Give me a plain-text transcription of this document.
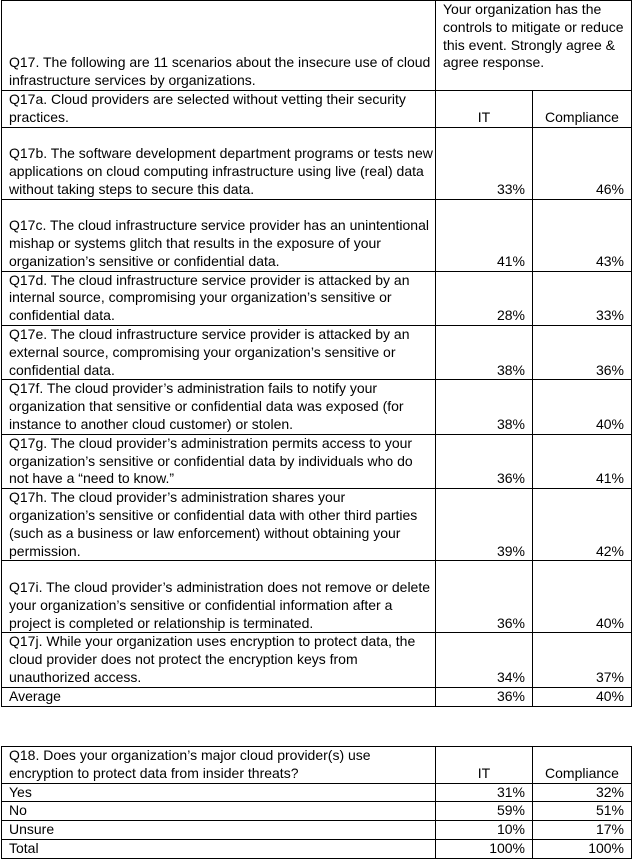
Q17. The following are 11 scenarios about the insecure use of cloud infrastructure services by organizations.	Your organization has the controls to mitigate or reduce this event. Strongly agree & agree response.	
Q17a. Cloud providers are selected without vetting their security practices.	IT	Compliance
Q17b. The software development department programs or tests new applications on cloud computing infrastructure using live (real) data without taking steps to secure this data.	33%	46%
Q17c. The cloud infrastructure service provider has an unintentional mishap or systems glitch that results in the exposure of your organization’s sensitive or confidential data.	41%	43%
Q17d. The cloud infrastructure service provider is attacked by an internal source, compromising your organization’s sensitive or confidential data.	28%	33%
Q17e. The cloud infrastructure service provider is attacked by an external source, compromising your organization’s sensitive or confidential data.	38%	36%
Q17f. The cloud provider’s administration fails to notify your organization that sensitive or confidential data was exposed (for instance to another cloud customer) or stolen.	38%	40%
Q17g. The cloud provider’s administration permits access to your organization’s sensitive or confidential data by individuals who do not have a “need to know.”	36%	41%
Q17h. The cloud provider’s administration shares your organization’s sensitive or confidential data with other third parties (such as a business or law enforcement) without obtaining your permission.	39%	42%
Q17i. The cloud provider’s administration does not remove or delete your organization’s sensitive or confidential information after a project is completed or relationship is terminated.	36%	40%
Q17j. While your organization uses encryption to protect data, the cloud provider does not protect the encryption keys from unauthorized access.	34%	37%
Average	36%	40%
Q18. Does your organization’s major cloud provider(s) use encryption to protect data from insider threats?	IT	Compliance
Yes	31%	32%
No	59%	51%
Unsure	10%	17%
Total	100%	100%
